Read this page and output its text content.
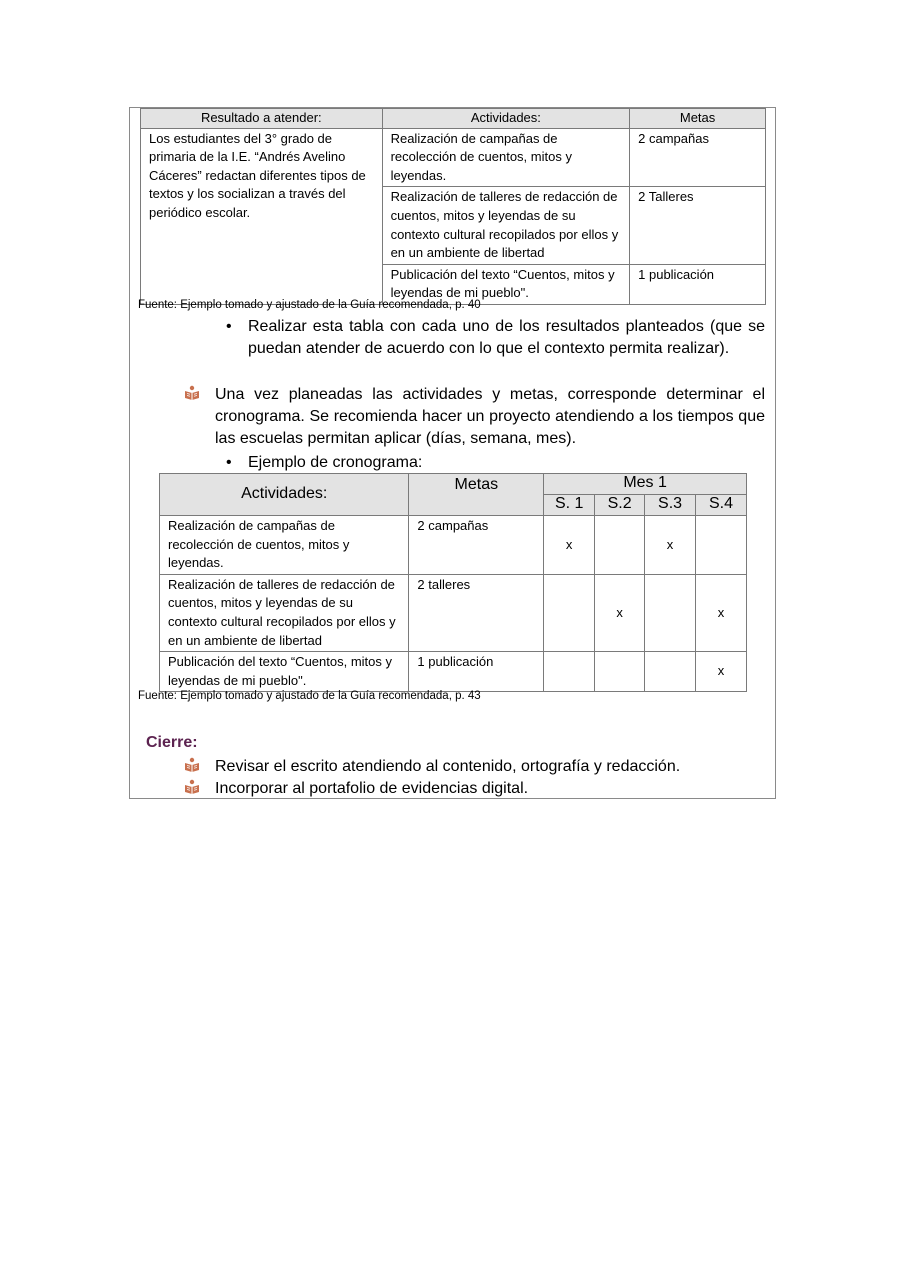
Resultado a atender:	Actividades:	Metas
Los estudiantes del 3° grado de primaria de la I.E. “Andrés Avelino Cáceres” redactan diferentes tipos de textos y los socializan a través del periódico escolar.	Realización de campañas de recolección de cuentos, mitos y leyendas.	2 campañas
	Realización de talleres de redacción de cuentos, mitos y leyendas de su contexto cultural recopilados por ellos y en un ambiente de libertad	2 Talleres
	Publicación del texto “Cuentos, mitos y leyendas de mi pueblo".	1 publicación
Fuente: Ejemplo tomado y ajustado de la Guía recomendada, p. 40
• Realizar esta tabla con cada uno de los resultados planteados (que se puedan atender de acuerdo con lo que el contexto permita realizar).
Una vez planeadas las actividades y metas, corresponde determinar el cronograma. Se recomienda hacer un proyecto atendiendo a los tiempos que las escuelas permitan aplicar (días, semana, mes).
• Ejemplo de cronograma:
Actividades:	Metas	Mes 1			
		S. 1	S.2	S.3	S.4
Realización de campañas de recolección de cuentos, mitos y leyendas.	2 campañas	x		x	
Realización de talleres de redacción de cuentos, mitos y leyendas de su contexto cultural recopilados por ellos y en un ambiente de libertad	2 talleres		x		x
Publicación del texto “Cuentos, mitos y leyendas de mi pueblo".	1 publicación				x
Fuente: Ejemplo tomado y ajustado de la Guía recomendada, p. 43
Cierre:
Revisar el escrito atendiendo al contenido, ortografía y redacción.
Incorporar al portafolio de evidencias digital.
